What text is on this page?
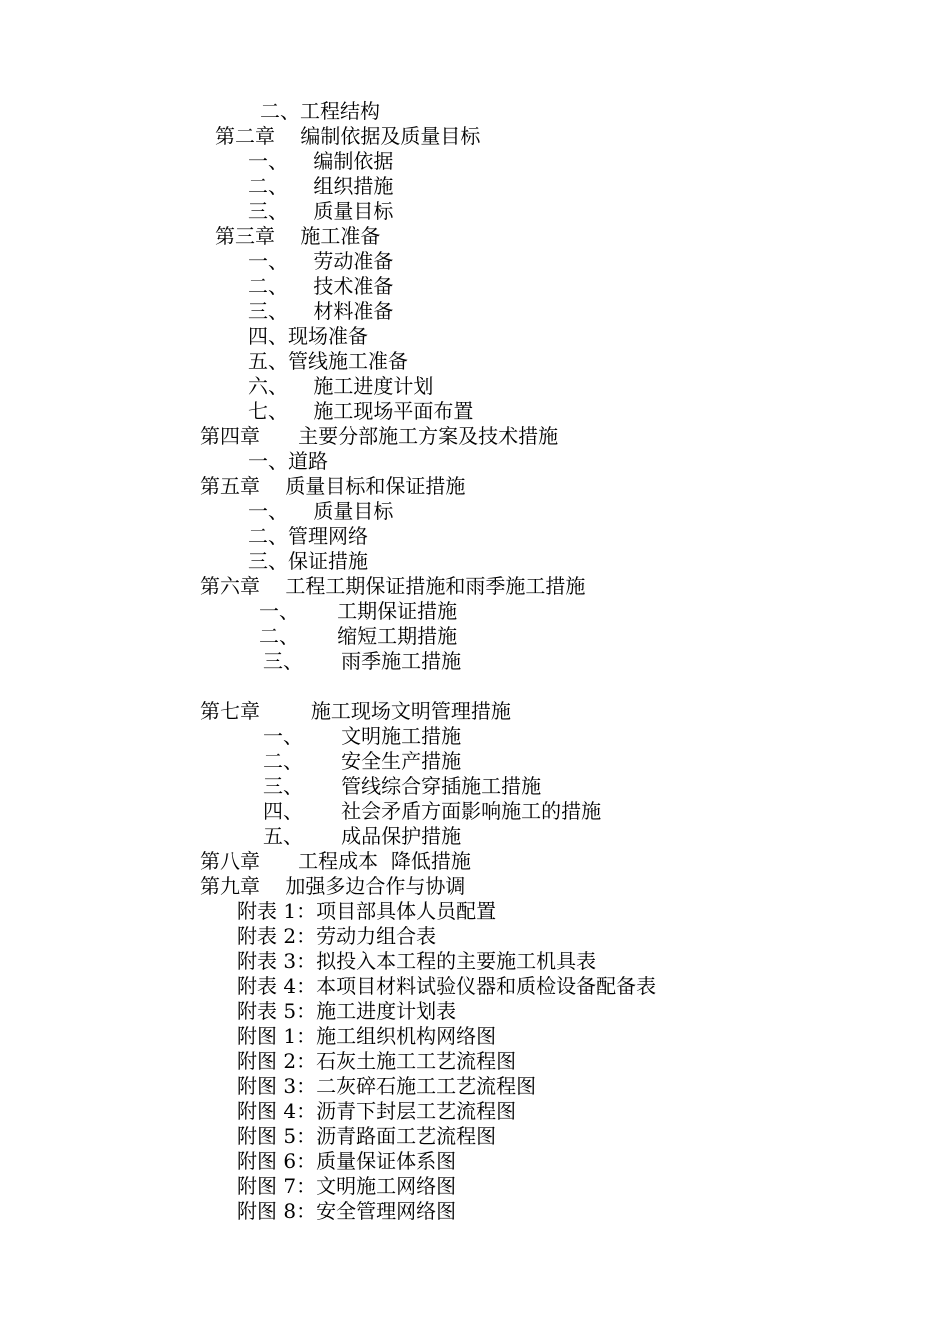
二、工程结构
第二章    编制依据及质量目标
一、    编制依据
二、    组织措施
三、    质量目标
第三章    施工准备
一、    劳动准备
二、    技术准备
三、    材料准备
四、现场准备
五、管线施工准备
六、    施工进度计划
七、    施工现场平面布置
第四章      主要分部施工方案及技术措施
一、道路
第五章    质量目标和保证措施
一、    质量目标
二、管理网络
三、保证措施
第六章    工程工期保证措施和雨季施工措施
一、      工期保证措施
二、      缩短工期措施
三、      雨季施工措施
第七章        施工现场文明管理措施
一、      文明施工措施
二、      安全生产措施
三、      管线综合穿插施工措施
四、      社会矛盾方面影响施工的措施
五、      成品保护措施
第八章      工程成本  降低措施
第九章    加强多边合作与协调
附表 1：项目部具体人员配置
附表 2：劳动力组合表
附表 3：拟投入本工程的主要施工机具表
附表 4：本项目材料试验仪器和质检设备配备表
附表 5：施工进度计划表
附图 1：施工组织机构网络图
附图 2：石灰土施工工艺流程图
附图 3：二灰碎石施工工艺流程图
附图 4：沥青下封层工艺流程图
附图 5：沥青路面工艺流程图
附图 6：质量保证体系图
附图 7：文明施工网络图
附图 8：安全管理网络图
